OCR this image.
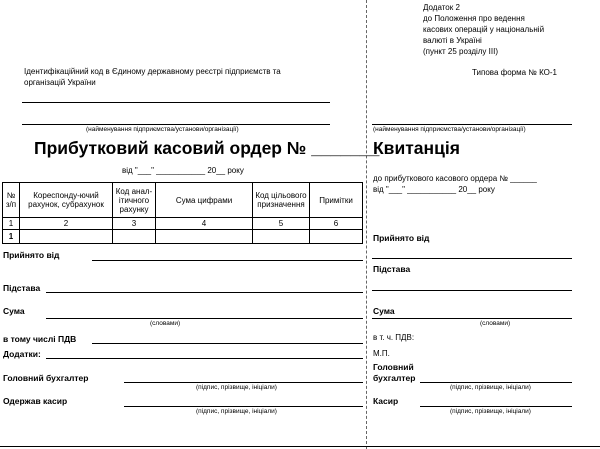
Додаток 2
до Положення про ведення
касових операцій у національній
валюті в Україні
(пункт 25 розділу ІІІ)
Типова форма № КО-1
Ідентифікаційний код в Єдиному державному реєстрі підприємств та
організацій України
(найменування підприємства/установи/організації)	(найменування підприємства/установи/організації)
Прибутковий касовий ордер № _______
від "___" ___________ 20__ року
Квитанція
до прибуткового касового ордера № ______
від "___" ___________ 20__ року
№ з/п	Кореспонду-ючий рахунок, субрахунок	Код анал-ітичного рахунку	Сума цифрами	Код цільового призначення	Примітки
1	2	3	4	5	6
1					
Прийнято від
Підстава
Сума
(словами)
в тому числі ПДВ
Додатки:
Головний бухгалтер
(підпис, прізвище, ініціали)
Одержав касир
(підпис, прізвище, ініціали)
Прийнято від
Підстава
Сума
(словами)
в т. ч. ПДВ:
М.П.
Головний
бухгалтер
(підпис, прізвище, ініціали)
Касир
(підпис, прізвище, ініціали)
